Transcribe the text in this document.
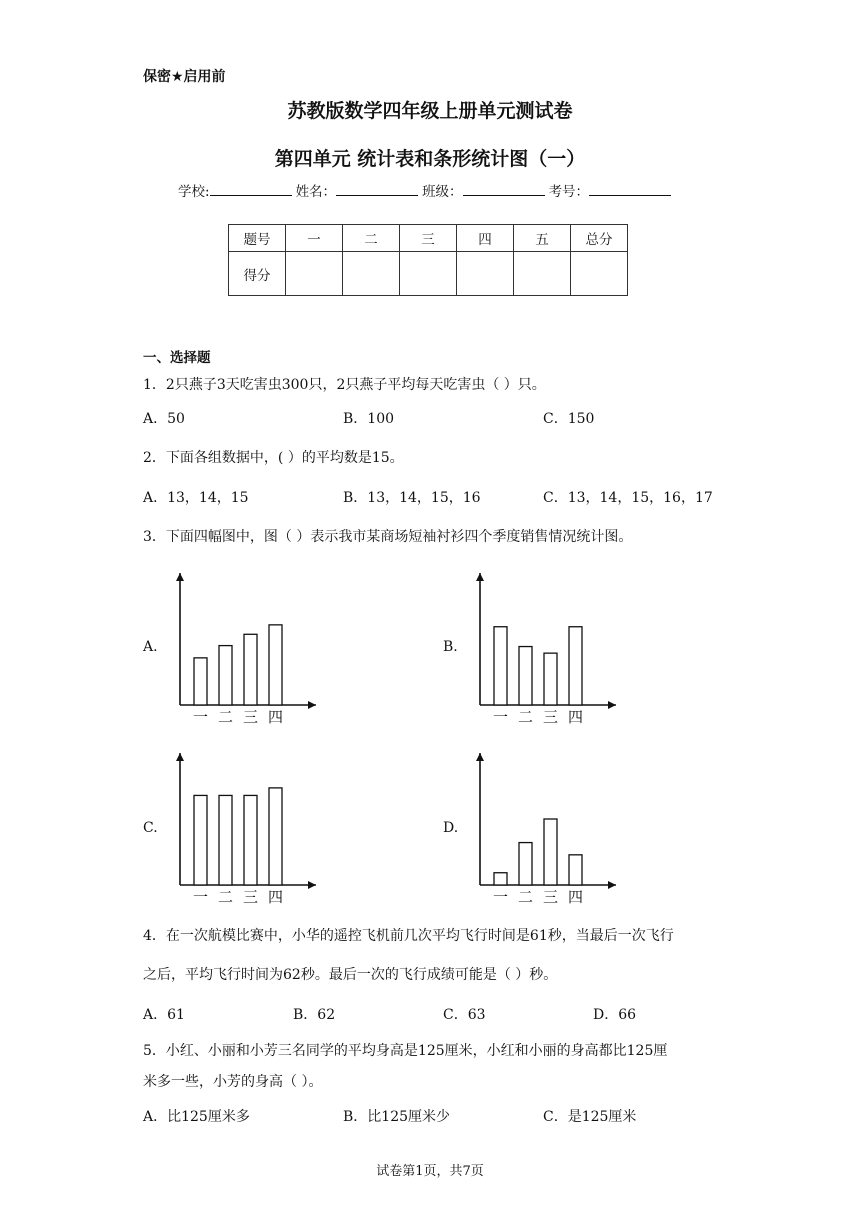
保密★启用前
苏教版数学四年级上册单元测试卷
第四单元 统计表和条形统计图（一）
学校:	姓名：	班级：	考号：
题号	一	二	三	四	五	总分
得分						
一、选择题
1．2只燕子3天吃害虫300只，2只燕子平均每天吃害虫（ ）只。
A．50	B．100	C．150
2．下面各组数据中，( ）的平均数是15。
A．13，14，15	B．13，14，15，16	C．13，14，15，16，17
3．下面四幅图中，图（ ）表示我市某商场短袖衬衫四个季度销售情况统计图。
A.	B.
C.	D.
一 二 三 四	一 二 三 四
一 二 三 四	一 二 三 四
4．在一次航模比赛中，小华的遥控飞机前几次平均飞行时间是61秒，当最后一次飞行
之后，平均飞行时间为62秒。最后一次的飞行成绩可能是（ ）秒。
A．61	B．62	C．63	D．66
5．小红、小丽和小芳三名同学的平均身高是125厘米，小红和小丽的身高都比125厘
米多一些，小芳的身高（ ）。
A．比125厘米多	B．比125厘米少	C．是125厘米
试卷第1页，共7页
